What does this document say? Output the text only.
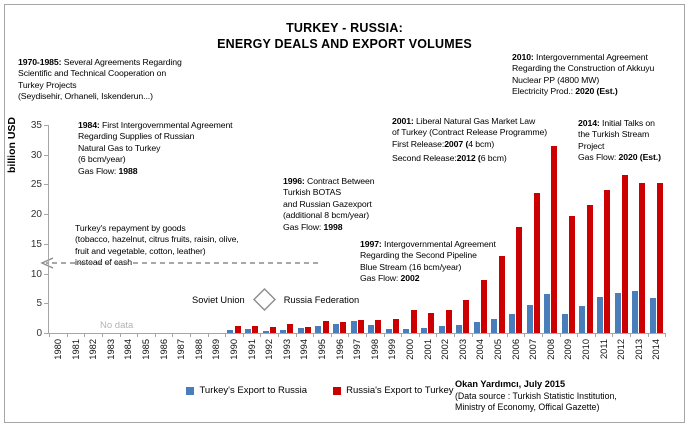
TURKEY - RUSSIA:
ENERGY DEALS AND EXPORT VOLUMES
billion USD
1970-1985: Several Agreements Regarding
Scientific and Technical Cooperation on
Turkey Projects
(Seydisehir, Orhaneli, Iskenderun...)
1984: First Intergovernmental Agreement
Regarding Supplies of Russian
Natural Gas to Turkey
(6 bcm/year)
Gas Flow: 1988
Turkey's repayment by goods
(tobacco, hazelnut, citrus fruits, raisin, olive,
fruit and vegetable, cotton, leather)
instead of cash
1996: Contract Between
Turkish BOTAS
and Russian Gazexport
(additional 8 bcm/year)
Gas Flow: 1998
1997: Intergovernmental Agreement
Regarding the Second Pipeline
Blue Stream (16 bcm/year)
Gas Flow: 2002
2001: Liberal Natural Gas Market Law
of Turkey (Contract Release Programme)
First Release:2007 (4 bcm)
Second Release:2012 (6 bcm)
2010: Intergovernmental Agreement
Regarding the Construction of Akkuyu
Nuclear PP (4800 MW)
Electricity Prod.: 2020 (Est.)
2014: Initial Talks on
the Turkish Stream
Project
Gas Flow: 2020 (Est.)
Soviet Union	Russia Federation
No data
0
5
10
15
20
25
30
35
1980 1981 1982 1983 1984 1985 1986 1987 1988 1989 1990 1991 1992 1993 1994 1995 1996 1997 1998 1999 2000 2001 2002 2003 2004 2005 2006 2007 2008 2009 2010 2011 2012 2013 2014
Turkey's Export to Russia	Russia's Export to Turkey
Okan Yardımcı, July 2015
(Data source : Turkish Statistic Institution,
Ministry of Economy, Offical Gazette)
